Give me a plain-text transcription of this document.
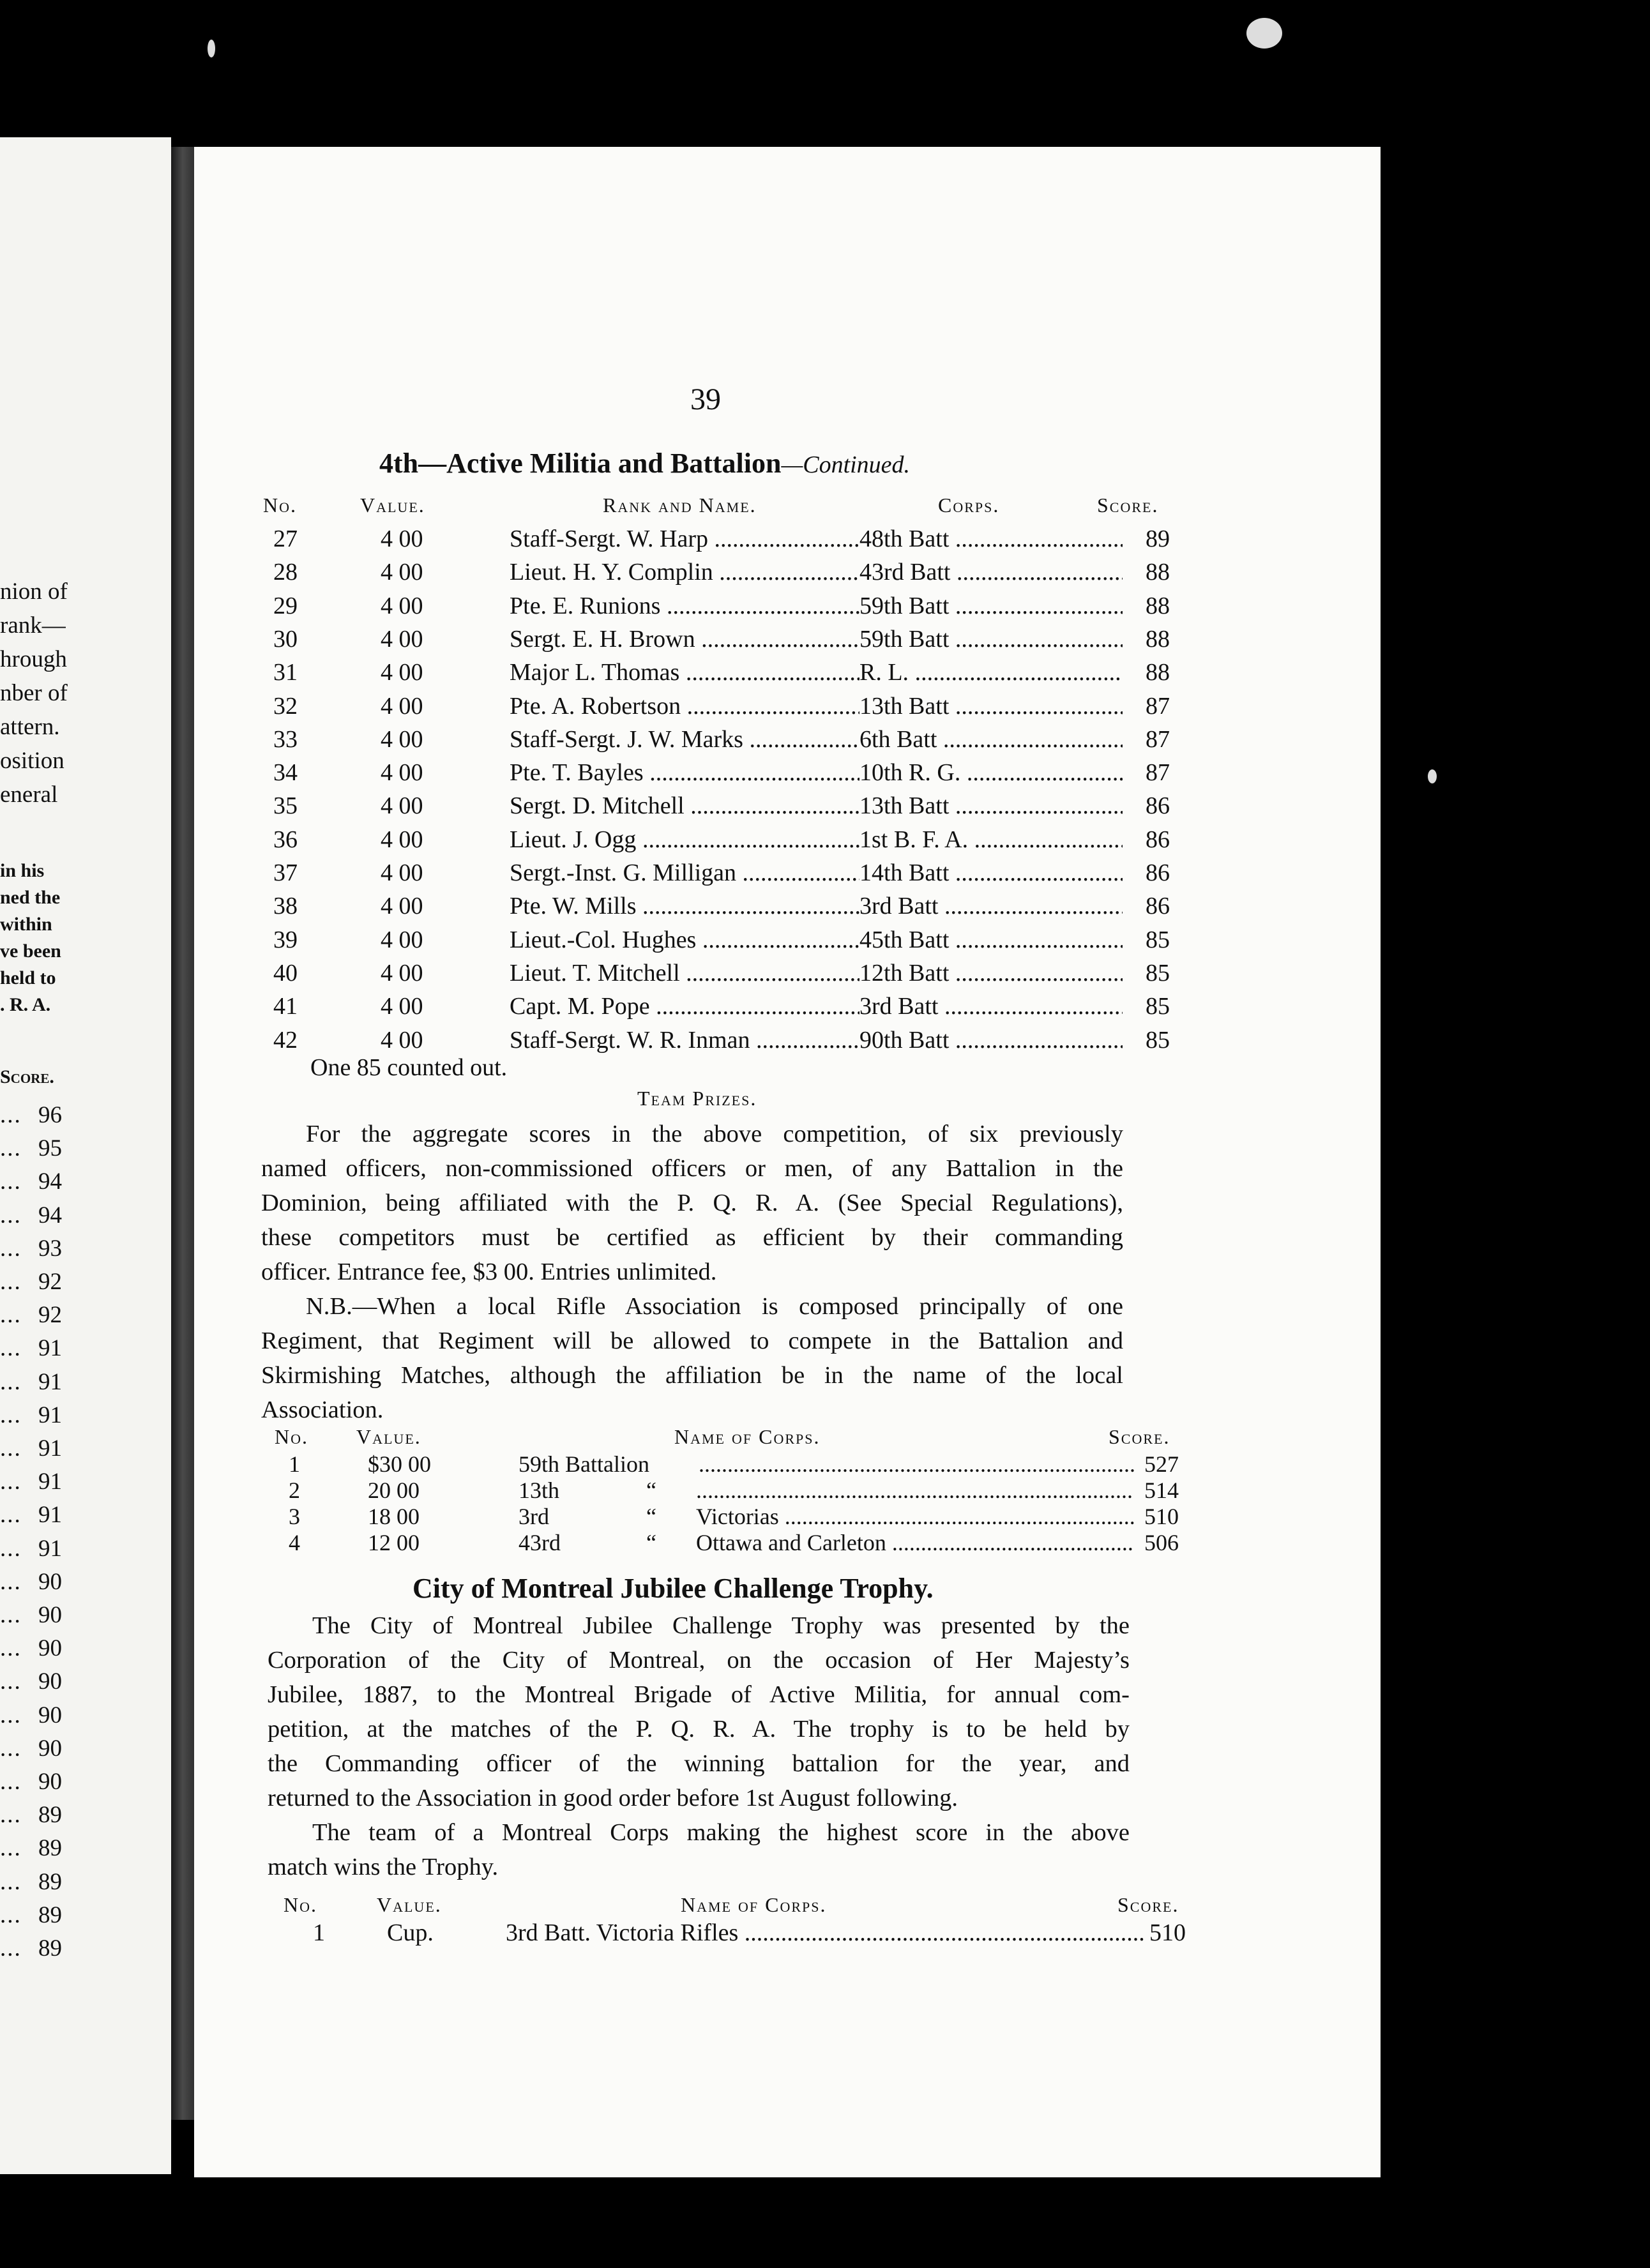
nion of
rank—
hrough
nber of
attern.
osition
eneral
in his
ned the
within
ve been
held to
. R. A.
Score.
... 96
... 95
... 94
... 94
... 93
... 92
... 92
... 91
... 91
... 91
... 91
... 91
... 91
... 91
... 90
... 90
... 90
... 90
... 90
... 90
... 90
... 89
... 89
... 89
... 89
... 89
39
4th—Active Militia and Battalion—Continued.
No.	Value.	Rank and Name.	Corps.	Score.
27	4 00	Staff-Sergt. W. Harp .....	48th Batt .....	89
28	4 00	Lieut. H. Y. Complin .....	43rd Batt .....	88
29	4 00	Pte. E. Runions .....	59th Batt .....	88
30	4 00	Sergt. E. H. Brown .....	59th Batt .....	88
31	4 00	Major L. Thomas .....	R. L. .....	88
32	4 00	Pte. A. Robertson .....	13th Batt .....	87
33	4 00	Staff-Sergt. J. W. Marks .....	6th Batt .....	87
34	4 00	Pte. T. Bayles .....	10th R. G. .....	87
35	4 00	Sergt. D. Mitchell .....	13th Batt .....	86
36	4 00	Lieut. J. Ogg .....	1st B. F. A. .....	86
37	4 00	Sergt.-Inst. G. Milligan .....	14th Batt .....	86
38	4 00	Pte. W. Mills .....	3rd Batt .....	86
39	4 00	Lieut.-Col. Hughes .....	45th Batt .....	85
40	4 00	Lieut. T. Mitchell .....	12th Batt .....	85
41	4 00	Capt. M. Pope .....	3rd Batt .....	85
42	4 00	Staff-Sergt. W. R. Inman .....	90th Batt .....	85
One 85 counted out.
Team Prizes.
For the aggregate scores in the above competition, of six previously
named officers, non-commissioned officers or men, of any Battalion in the
Dominion, being affiliated with the P. Q. R. A. (See Special Regulations),
these competitors must be certified as efficient by their commanding
officer. Entrance fee, $3 00. Entries unlimited.
N.B.—When a local Rifle Association is composed principally of one
Regiment, that Regiment will be allowed to compete in the Battalion and
Skirmishing Matches, although the affiliation be in the name of the local
Association.
No. Value.	Name of Corps.	Score.
1	$30 00	59th Battalion .....	527
2	20 00	13th	“ .....	514
3	18 00	3rd	“ Victorias .....	510
4	12 00	43rd	“ Ottawa and Carleton .....	506
City of Montreal Jubilee Challenge Trophy.
The City of Montreal Jubilee Challenge Trophy was presented by the
Corporation of the City of Montreal, on the occasion of Her Majesty’s
Jubilee, 1887, to the Montreal Brigade of Active Militia, for annual com-
petition, at the matches of the P. Q. R. A. The trophy is to be held by
the Commanding officer of the winning battalion for the year, and
returned to the Association in good order before 1st August following.
The team of a Montreal Corps making the highest score in the above
match wins the Trophy.
No.	Value.	Name of Corps.	Score.
1	Cup.	3rd Batt. Victoria Rifles .....	510
